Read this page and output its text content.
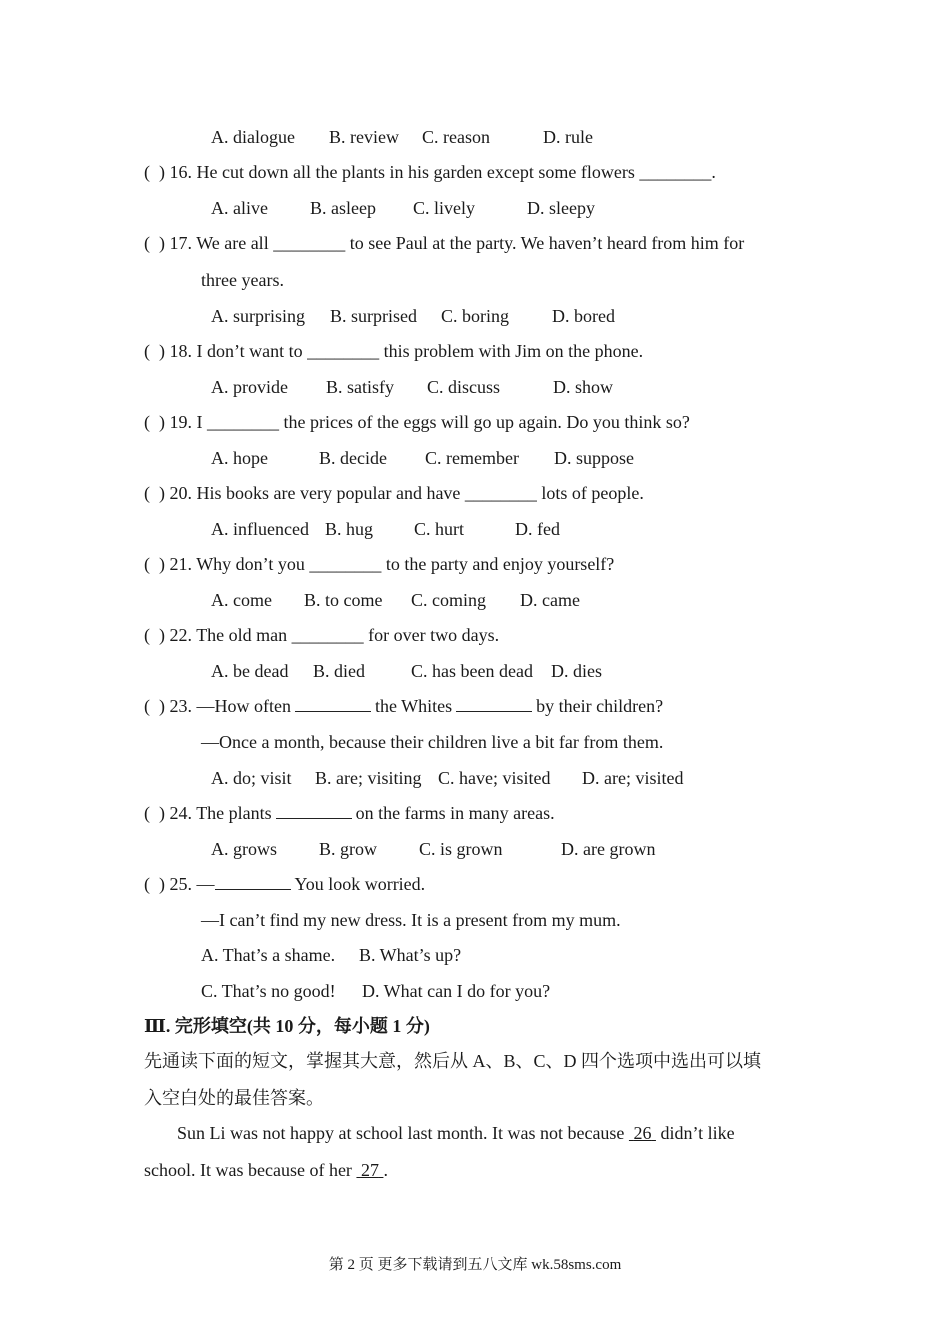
A. dialogue B. review C. reason	D. rule
( ) 16. He cut down all the plants in his garden except some flowers ________.
A. alive B. asleep C. lively	D. sleepy
( ) 17. We are all ________ to see Paul at the party. We haven’t heard from him for
three years.
A. surprising B. surprised C. boring D. bored
( ) 18. I don’t want to ________ this problem with Jim on the phone.
A. provide B. satisfy C. discuss	D. show
( ) 19. I ________ the prices of the eggs will go up again. Do you think so?
A. hope	B. decide C. remember D. suppose
( ) 20. His books are very popular and have ________ lots of people.
A. influenced B. hug C. hurt	D. fed
( ) 21. Why don’t you ________ to the party and enjoy yourself?
A. come B. to come C. coming D. came
( ) 22. The old man ________ for over two days.
A. be dead B. died	C. has been dead D. dies
( ) 23. —How often	the Whites	by their children?
—Once a month, because their children live a bit far from them.
A. do; visit B. are; visiting C. have; visited D. are; visited
( ) 24. The plants	on the farms in many areas.
A. grows B. grow C. is grown	D. are grown
( ) 25. —	You look worried.
—I can’t find my new dress. It is a present from my mum.
A. That’s a shame. B. What’s up?
C. That’s no good! D. What can I do for you?
Ⅲ. 完形填空(共 10 分，每小题 1 分)
先通读下面的短文，掌握其大意，然后从 A、B、C、D 四个选项中选出可以填
入空白处的最佳答案。
Sun Li was not happy at school last month. It was not because 26 didn’t like
school. It was because of her 27 .
第 2 页 更多下载请到五八文库 wk.58sms.com
